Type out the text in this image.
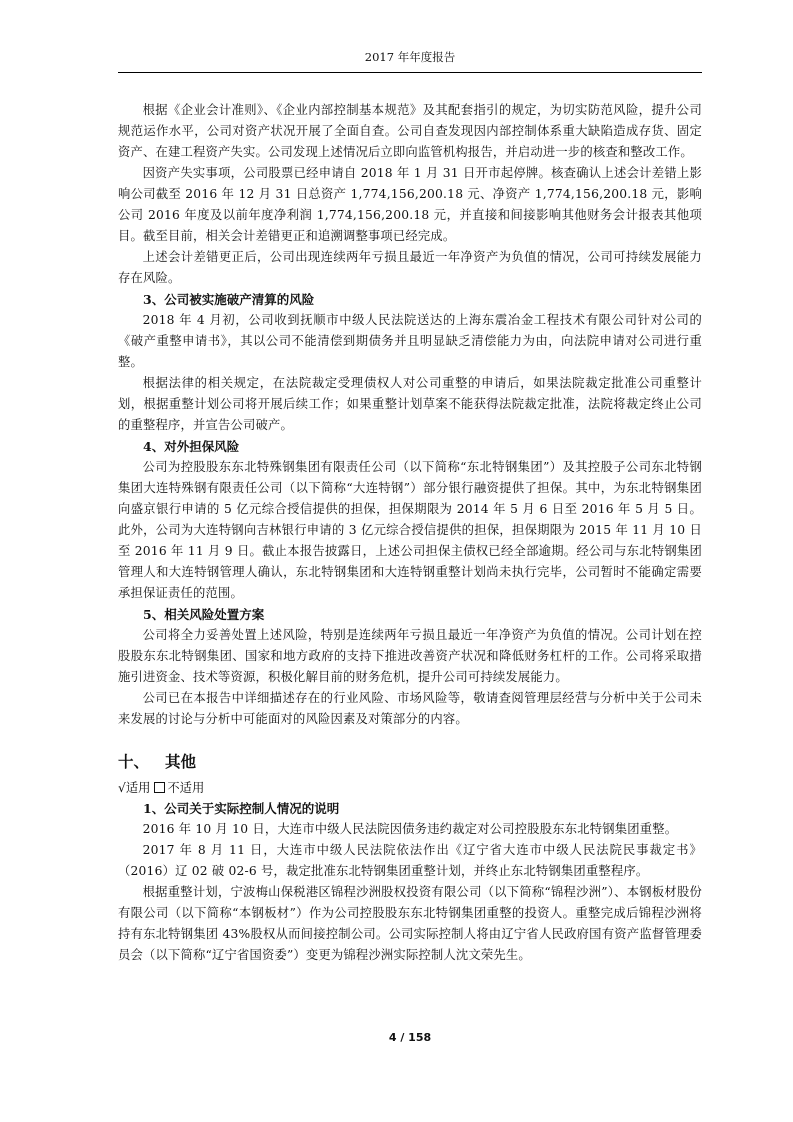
2017 年年度报告

根据《企业会计准则》、《企业内部控制基本规范》及其配套指引的规定，为切实防范风险，提升公司规范运作水平，公司对资产状况开展了全面自查。公司自查发现因内部控制体系重大缺陷造成存货、固定资产、在建工程资产失实。公司发现上述情况后立即向监管机构报告，并启动进一步的核查和整改工作。

因资产失实事项，公司股票已经申请自 2018 年 1 月 31 日开市起停牌。核查确认上述会计差错上影响公司截至 2016 年 12 月 31 日总资产 1,774,156,200.18 元、净资产 1,774,156,200.18 元，影响公司 2016 年度及以前年度净利润 1,774,156,200.18 元，并直接和间接影响其他财务会计报表其他项目。截至目前，相关会计差错更正和追溯调整事项已经完成。

上述会计差错更正后，公司出现连续两年亏损且最近一年净资产为负值的情况，公司可持续发展能力存在风险。

3、公司被实施破产清算的风险

2018 年 4 月初，公司收到抚顺市中级人民法院送达的上海东震冶金工程技术有限公司针对公司的《破产重整申请书》，其以公司不能清偿到期债务并且明显缺乏清偿能力为由，向法院申请对公司进行重整。

根据法律的相关规定，在法院裁定受理债权人对公司重整的申请后，如果法院裁定批准公司重整计划，根据重整计划公司将开展后续工作；如果重整计划草案不能获得法院裁定批准，法院将裁定终止公司的重整程序，并宣告公司破产。

4、对外担保风险

公司为控股股东东北特殊钢集团有限责任公司（以下简称“东北特钢集团”）及其控股子公司东北特钢集团大连特殊钢有限责任公司（以下简称“大连特钢”）部分银行融资提供了担保。其中，为东北特钢集团向盛京银行申请的 5 亿元综合授信提供的担保，担保期限为 2014 年 5 月 6 日至 2016 年 5 月 5 日。此外，公司为大连特钢向吉林银行申请的 3 亿元综合授信提供的担保，担保期限为 2015 年 11 月 10 日至 2016 年 11 月 9 日。截止本报告披露日，上述公司担保主债权已经全部逾期。经公司与东北特钢集团管理人和大连特钢管理人确认，东北特钢集团和大连特钢重整计划尚未执行完毕，公司暂时不能确定需要承担保证责任的范围。

5、相关风险处置方案

公司将全力妥善处置上述风险，特别是连续两年亏损且最近一年净资产为负值的情况。公司计划在控股股东东北特钢集团、国家和地方政府的支持下推进改善资产状况和降低财务杠杆的工作。公司将采取措施引进资金、技术等资源，积极化解目前的财务危机，提升公司可持续发展能力。

公司已在本报告中详细描述存在的行业风险、市场风险等，敬请查阅管理层经营与分析中关于公司未来发展的讨论与分析中可能面对的风险因素及对策部分的内容。

十、 其他
√适用 不适用
1、公司关于实际控制人情况的说明

2016 年 10 月 10 日，大连市中级人民法院因债务违约裁定对公司控股股东东北特钢集团重整。

2017 年 8 月 11 日，大连市中级人民法院依法作出《辽宁省大连市中级人民法院民事裁定书》（2016）辽 02 破 02-6 号，裁定批准东北特钢集团重整计划，并终止东北特钢集团重整程序。

根据重整计划，宁波梅山保税港区锦程沙洲股权投资有限公司（以下简称“锦程沙洲”）、本钢板材股份有限公司（以下简称“本钢板材”）作为公司控股股东东北特钢集团重整的投资人。重整完成后锦程沙洲将持有东北特钢集团 43%股权从而间接控制公司。公司实际控制人将由辽宁省人民政府国有资产监督管理委员会（以下简称“辽宁省国资委”）变更为锦程沙洲实际控制人沈文荣先生。

4 / 158
